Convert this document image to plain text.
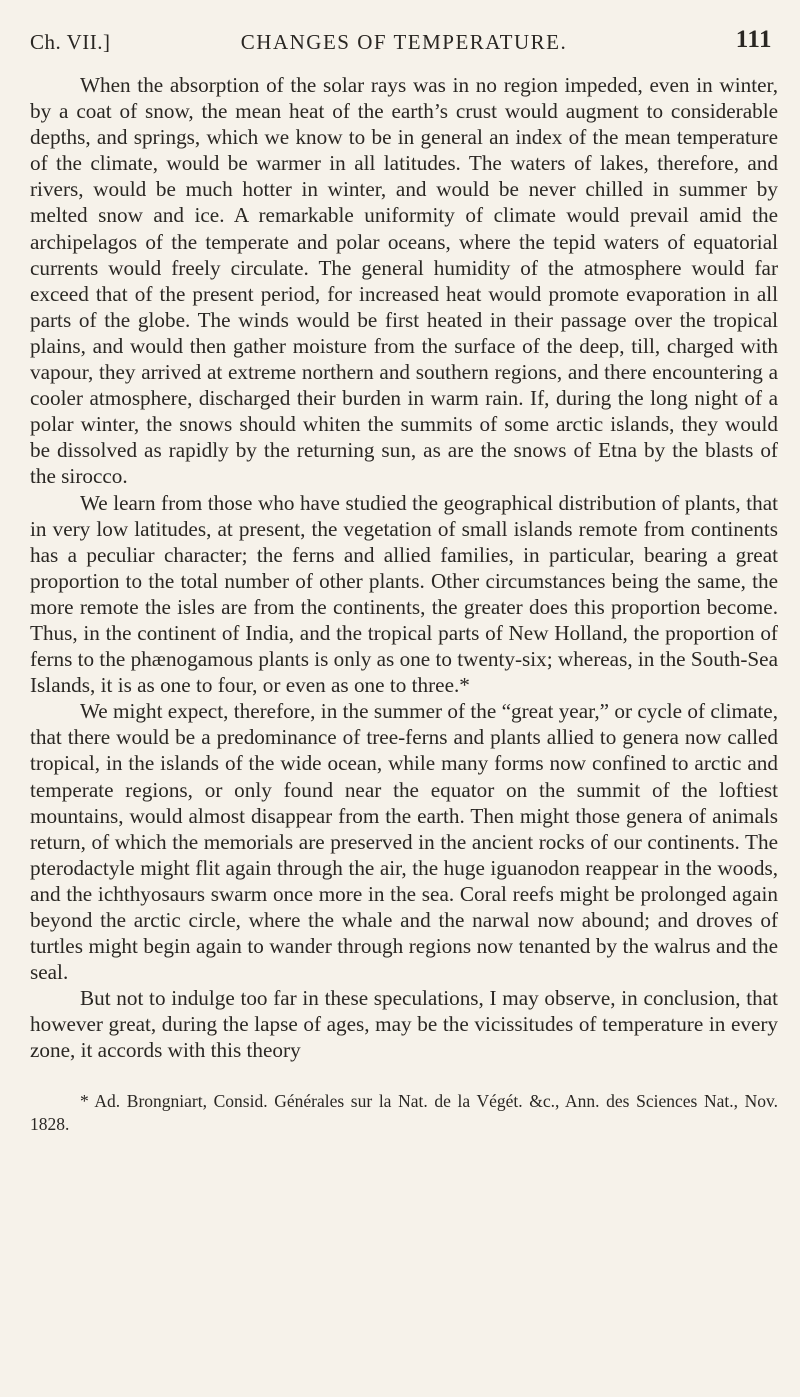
Ch. VII.]	CHANGES OF TEMPERATURE.	111

When the absorption of the solar rays was in no region impeded, even in winter, by a coat of snow, the mean heat of the earth’s crust would augment to considerable depths, and springs, which we know to be in general an index of the mean temperature of the climate, would be warmer in all latitudes. The waters of lakes, therefore, and rivers, would be much hotter in winter, and would be never chilled in summer by melted snow and ice. A remarkable uniformity of climate would prevail amid the archipelagos of the temperate and polar oceans, where the tepid waters of equatorial currents would freely circulate. The general humidity of the atmosphere would far exceed that of the present period, for increased heat would promote evaporation in all parts of the globe. The winds would be first heated in their passage over the tropical plains, and would then gather moisture from the surface of the deep, till, charged with vapour, they arrived at extreme northern and southern regions, and there encountering a cooler atmosphere, discharged their burden in warm rain. If, during the long night of a polar winter, the snows should whiten the summits of some arctic islands, they would be dissolved as rapidly by the returning sun, as are the snows of Etna by the blasts of the sirocco.

We learn from those who have studied the geographical distribution of plants, that in very low latitudes, at present, the vegetation of small islands remote from continents has a peculiar character; the ferns and allied families, in particular, bearing a great proportion to the total number of other plants. Other circumstances being the same, the more remote the isles are from the continents, the greater does this proportion become. Thus, in the continent of India, and the tropical parts of New Holland, the proportion of ferns to the phænogamous plants is only as one to twenty-six; whereas, in the South-Sea Islands, it is as one to four, or even as one to three.*

We might expect, therefore, in the summer of the “great year,” or cycle of climate, that there would be a predominance of tree-ferns and plants allied to genera now called tropical, in the islands of the wide ocean, while many forms now confined to arctic and temperate regions, or only found near the equator on the summit of the loftiest mountains, would almost disappear from the earth. Then might those genera of animals return, of which the memorials are preserved in the ancient rocks of our continents. The pterodactyle might flit again through the air, the huge iguanodon reappear in the woods, and the ichthyosaurs swarm once more in the sea. Coral reefs might be prolonged again beyond the arctic circle, where the whale and the narwal now abound; and droves of turtles might begin again to wander through regions now tenanted by the walrus and the seal.

But not to indulge too far in these speculations, I may observe, in conclusion, that however great, during the lapse of ages, may be the vicissitudes of temperature in every zone, it accords with this theory

* Ad. Brongniart, Consid. Générales sur la Nat. de la Végét. &c., Ann. des Sciences Nat., Nov. 1828.
